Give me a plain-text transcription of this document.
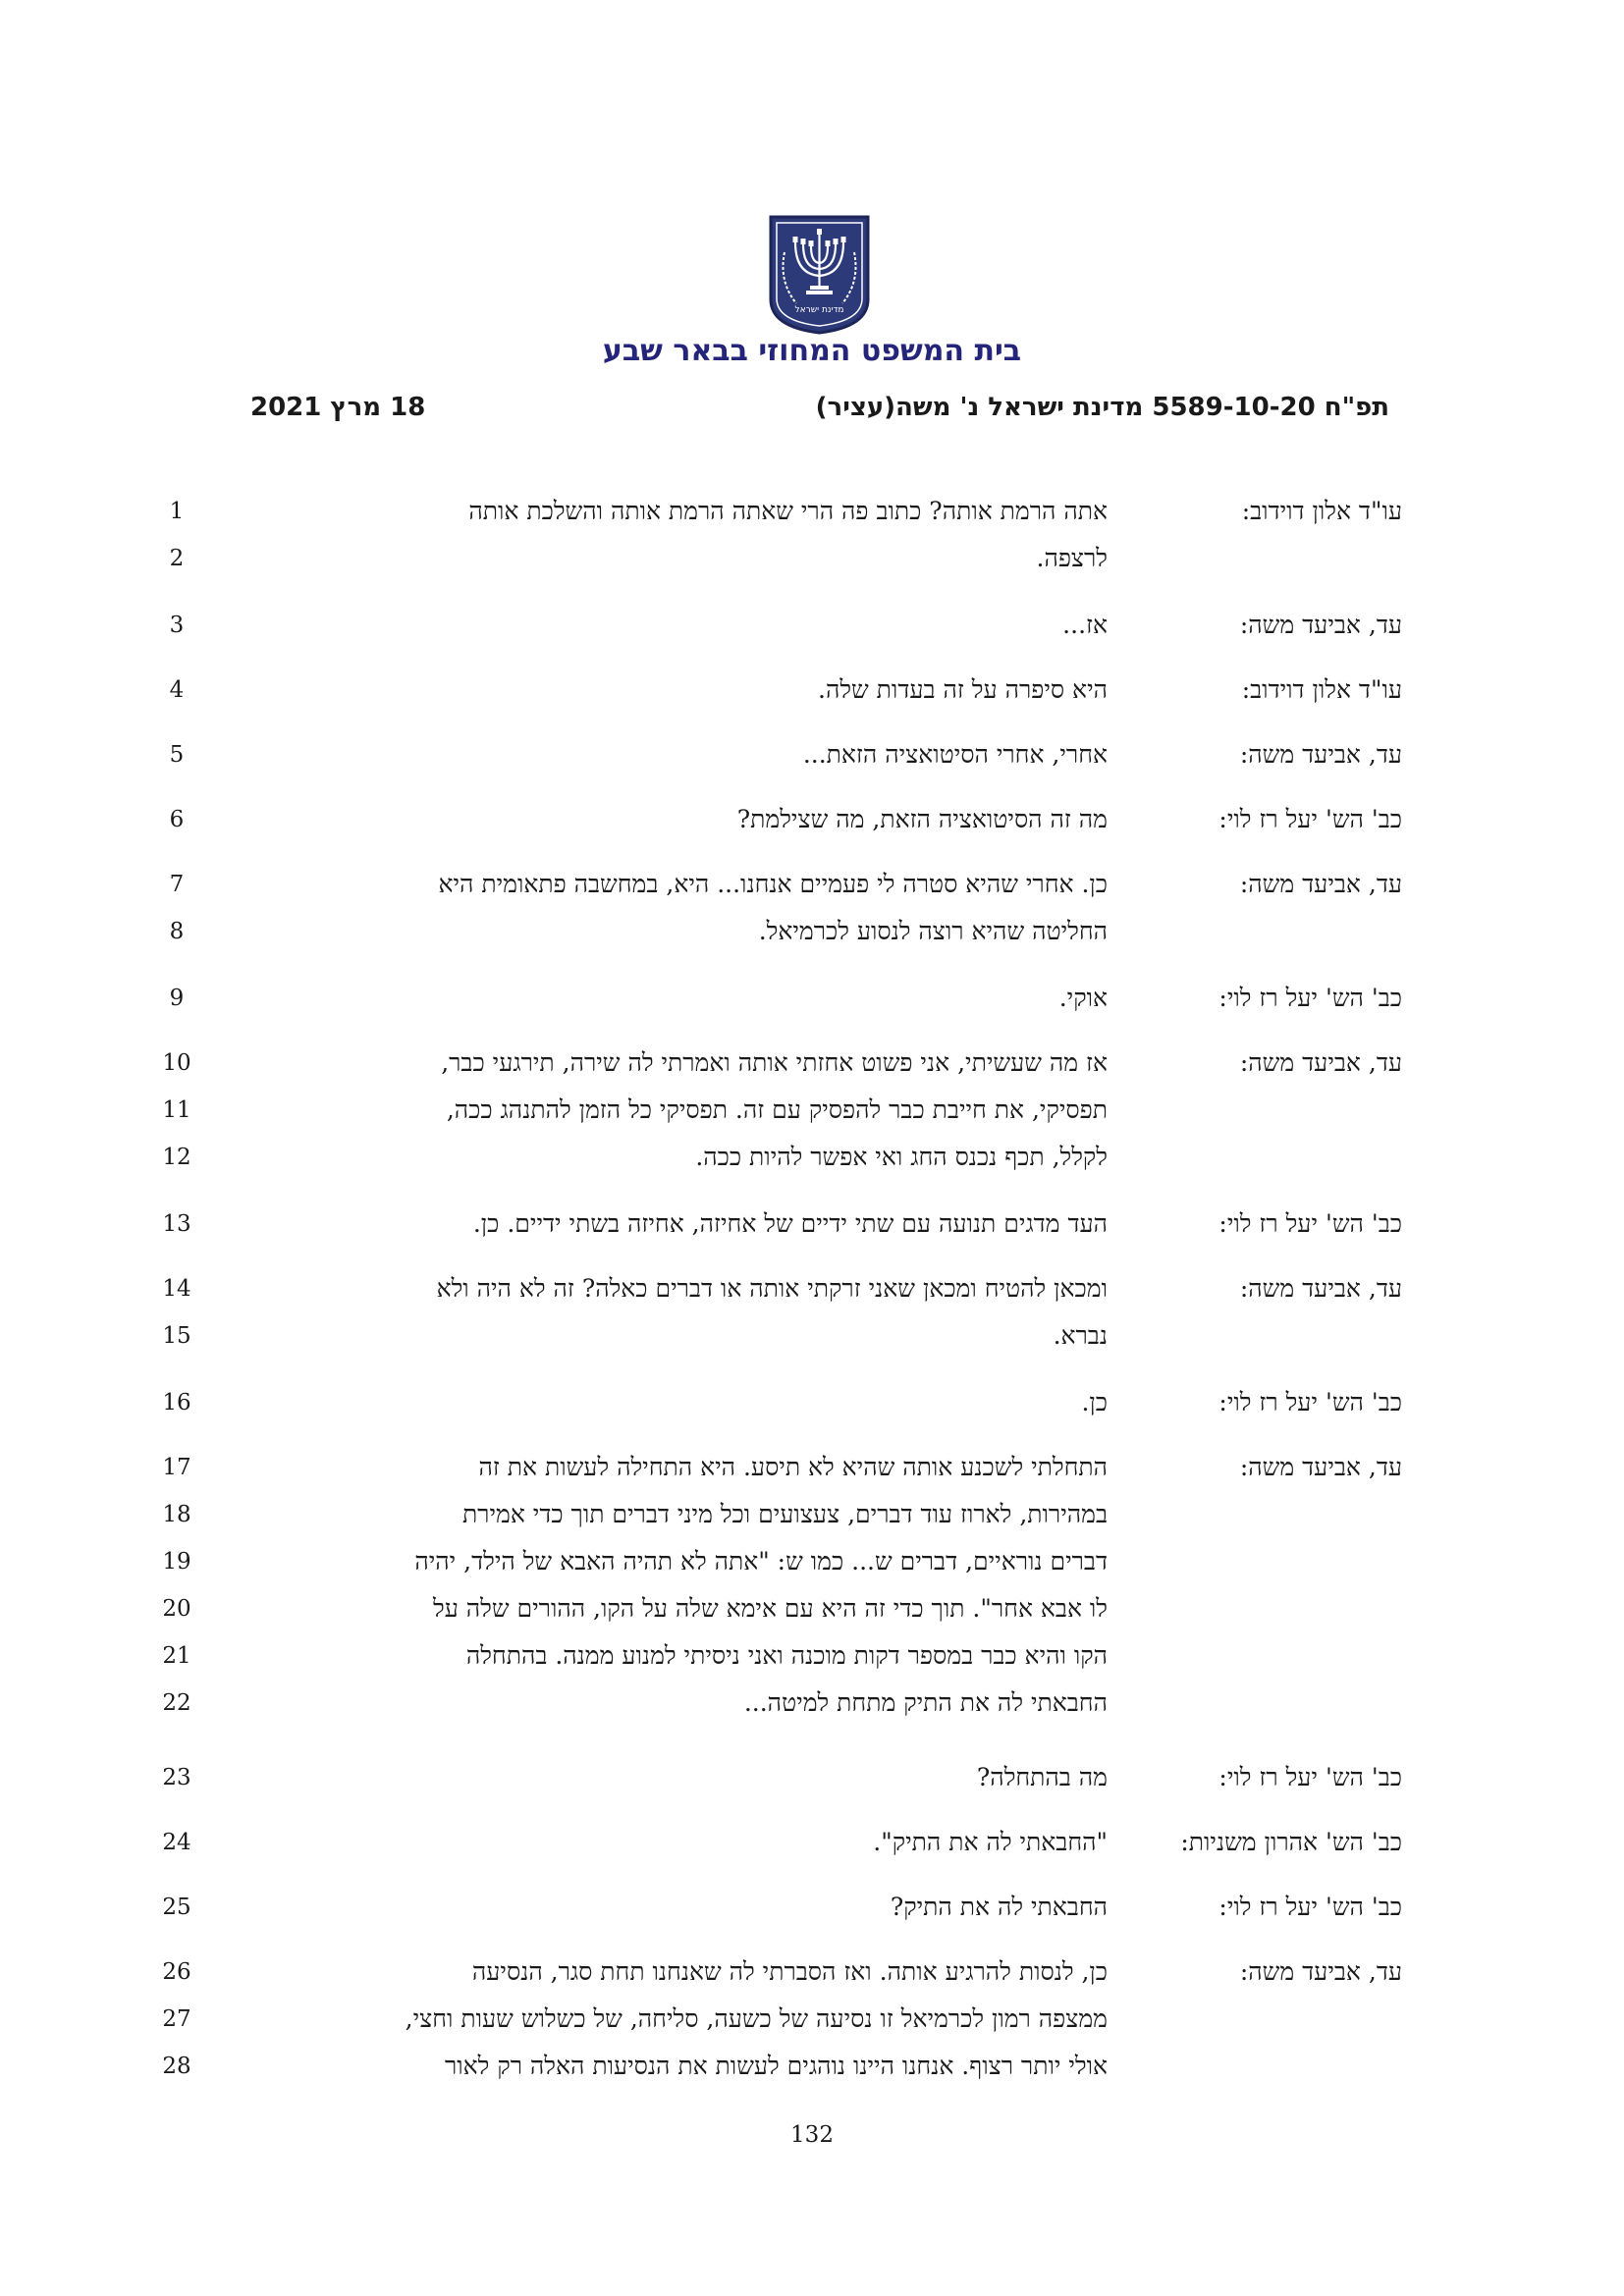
מדינת ישראל
בית המשפט המחוזי בבאר שבע
תפ"ח 5589-10-20 מדינת ישראל נ' משה(עציר)
18 מרץ 2021
עו"ד אלון דוידוב:
1	אתה הרמת אותה? כתוב פה הרי שאתה הרמת אותה והשלכת אותה
2	לרצפה.
עד, אביעד משה:
3	אז...
עו"ד אלון דוידוב:
4	היא סיפרה על זה בעדות שלה.
עד, אביעד משה:
5	אחרי, אחרי הסיטואציה הזאת...
כב' הש' יעל רז לוי:
6	מה זה הסיטואציה הזאת, מה שצילמת?
עד, אביעד משה:
7	כן. אחרי שהיא סטרה לי פעמיים אנחנו... היא, במחשבה פתאומית היא
8	החליטה שהיא רוצה לנסוע לכרמיאל.
כב' הש' יעל רז לוי:
9	אוקי.
עד, אביעד משה:
10	אז מה שעשיתי, אני פשוט אחזתי אותה ואמרתי לה שירה, תירגעי כבר,
11	תפסיקי, את חייבת כבר להפסיק עם זה. תפסיקי כל הזמן להתנהג ככה,
12	לקלל, תכף נכנס החג ואי אפשר להיות ככה.
כב' הש' יעל רז לוי:
13	העד מדגים תנועה עם שתי ידיים של אחיזה, אחיזה בשתי ידיים. כן.
עד, אביעד משה:
14	ומכאן להטיח ומכאן שאני זרקתי אותה או דברים כאלה? זה לא היה ולא
15	נברא.
כב' הש' יעל רז לוי:
16	כן.
עד, אביעד משה:
17	התחלתי לשכנע אותה שהיא לא תיסע. היא התחילה לעשות את זה
18	במהירות, לארוז עוד דברים, צעצועים וכל מיני דברים תוך כדי אמירת
19	דברים נוראיים, דברים ש... כמו ש: "אתה לא תהיה האבא של הילד, יהיה
20	לו אבא אחר". תוך כדי זה היא עם אימא שלה על הקו, ההורים שלה על
21	הקו והיא כבר במספר דקות מוכנה ואני ניסיתי למנוע ממנה. בהתחלה
22	החבאתי לה את התיק מתחת למיטה...
כב' הש' יעל רז לוי:
23	מה בהתחלה?
כב' הש' אהרון משניות:
24	"החבאתי לה את התיק".
כב' הש' יעל רז לוי:
25	החבאתי לה את התיק?
עד, אביעד משה:
26	כן, לנסות להרגיע אותה. ואז הסברתי לה שאנחנו תחת סגר, הנסיעה
27	ממצפה רמון לכרמיאל זו נסיעה של כשעה, סליחה, של כשלוש שעות וחצי,
28	אולי יותר רצוף. אנחנו היינו נוהגים לעשות את הנסיעות האלה רק לאור
132
